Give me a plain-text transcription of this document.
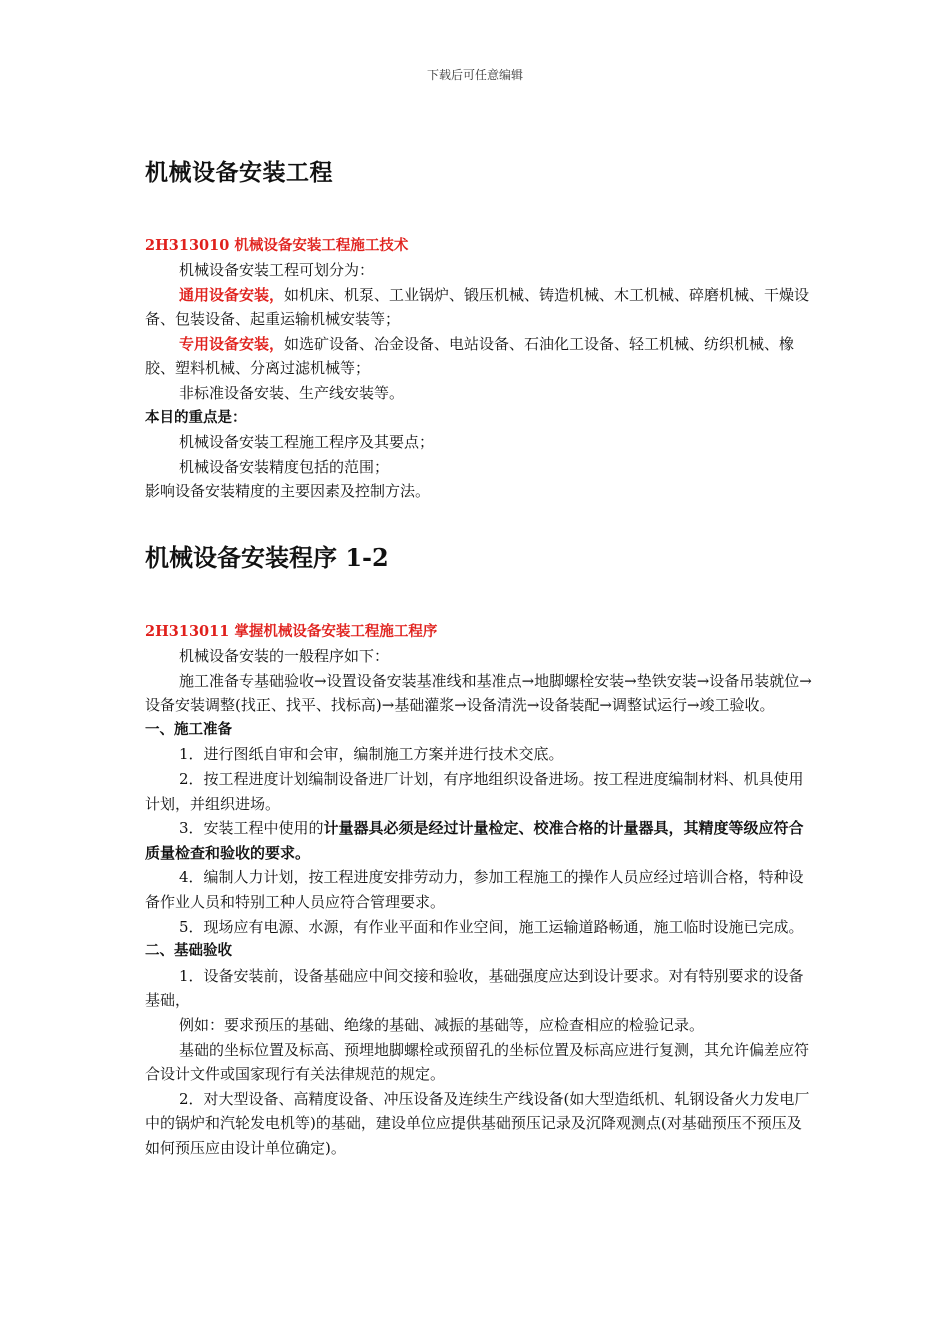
下载后可任意编辑
机械设备安装工程
2H313010 机械设备安装工程施工技术

机械设备安装工程可划分为：

通用设备安装，如机床、机泵、工业锅炉、锻压机械、铸造机械、木工机械、碎磨机械、干燥设备、包装设备、起重运输机械安装等；

专用设备安装，如选矿设备、冶金设备、电站设备、石油化工设备、轻工机械、纺织机械、橡胶、塑料机械、分离过滤机械等；

非标准设备安装、生产线安装等。

本目的重点是：

机械设备安装工程施工程序及其要点；

机械设备安装精度包括的范围；

影响设备安装精度的主要因素及控制方法。

机械设备安装程序 1-2
2H313011 掌握机械设备安装工程施工程序

机械设备安装的一般程序如下：

施工准备专基础验收→设置设备安装基准线和基准点→地脚螺栓安装→垫铁安装→设备吊装就位→设备安装调整(找正、找平、找标高)→基础灌浆→设备清洗→设备装配→调整试运行→竣工验收。

一、施工准备

1．进行图纸自审和会审，编制施工方案并进行技术交底。

2．按工程进度计划编制设备进厂计划，有序地组织设备进场。按工程进度编制材料、机具使用计划，并组织进场。

3．安装工程中使用的计量器具必须是经过计量检定、校准合格的计量器具，其精度等级应符合质量检查和验收的要求。

4．编制人力计划，按工程进度安排劳动力，参加工程施工的操作人员应经过培训合格，特种设备作业人员和特别工种人员应符合管理要求。

5．现场应有电源、水源，有作业平面和作业空间，施工运输道路畅通，施工临时设施已完成。

二、基础验收

1．设备安装前，设备基础应中间交接和验收，基础强度应达到设计要求。对有特别要求的设备基础，

例如：要求预压的基础、绝缘的基础、减振的基础等，应检查相应的检验记录。

基础的坐标位置及标高、预埋地脚螺栓或预留孔的坐标位置及标高应进行复测，其允许偏差应符合设计文件或国家现行有关法律规范的规定。

2．对大型设备、高精度设备、冲压设备及连续生产线设备(如大型造纸机、轧钢设备火力发电厂中的锅炉和汽轮发电机等)的基础，建设单位应提供基础预压记录及沉降观测点(对基础预压不预压及如何预压应由设计单位确定)。
